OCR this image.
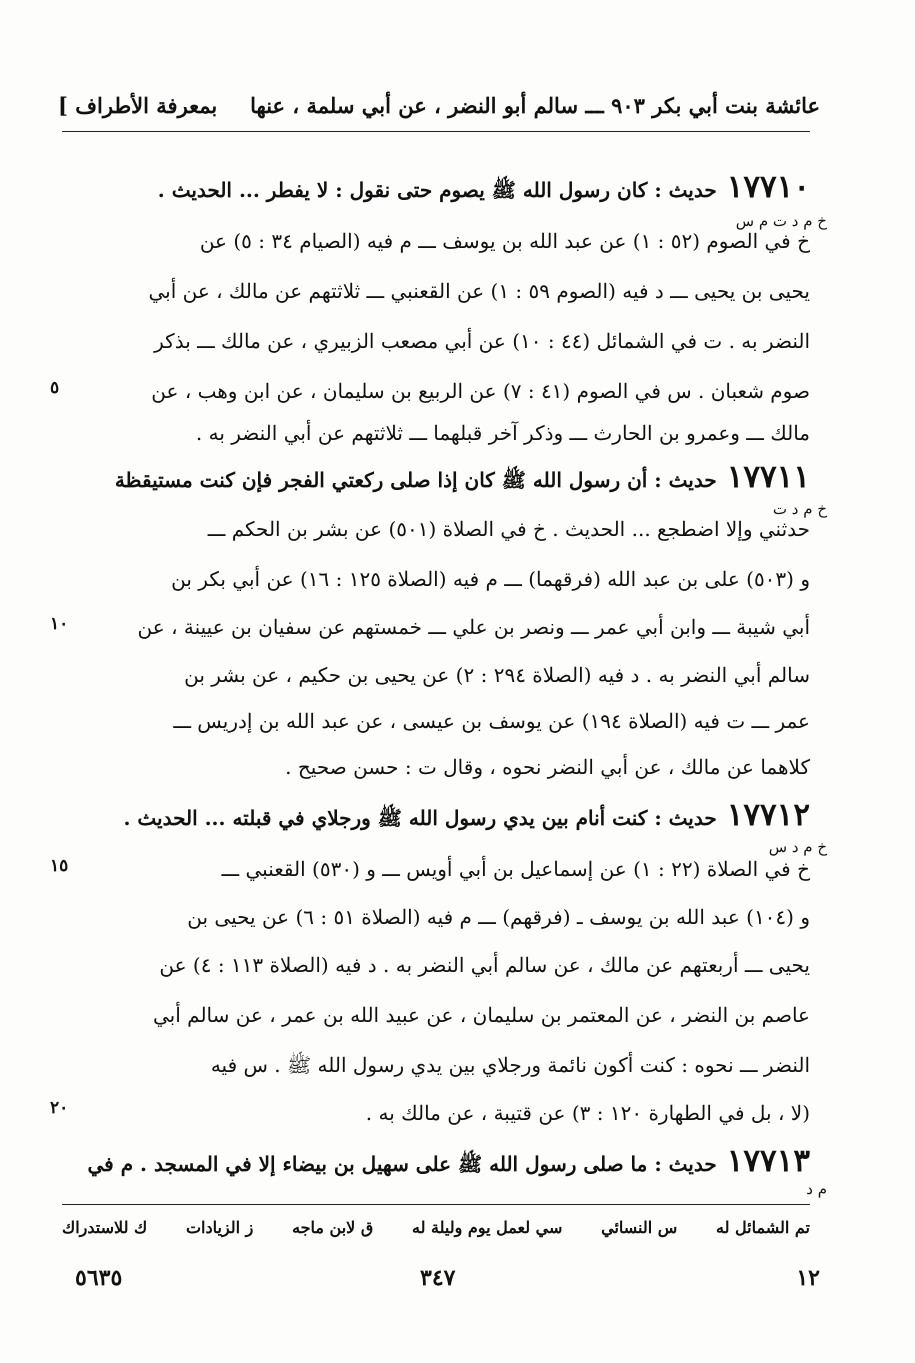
عائشة بنت أبي بكر ٩٠٣ ـــ سالم أبو النضر ، عن أبي سلمة ، عنها
بمعرفة الأطراف ]
١٧٧١٠حديث : كان رسول الله ﷺ يصوم حتى نقول : لا يفطر ... الحديث .
خ في الصوم (٥٢ : ١) عن عبد الله بن يوسف ـــ م فيه (الصيام ٣٤ : ٥) عن
يحيى بن يحيى ـــ د فيه (الصوم ٥٩ : ١) عن القعنبي ـــ ثلاثتهم عن مالك ، عن أبي
النضر به . ت في الشمائل (٤٤ : ١٠) عن أبي مصعب الزبيري ، عن مالك ـــ بذكر
صوم شعبان . س في الصوم (٤١ : ٧) عن الربيع بن سليمان ، عن ابن وهب ، عن
مالك ـــ وعمرو بن الحارث ـــ وذكر آخر قبلهما ـــ ثلاثتهم عن أبي النضر به .
١٧٧١١حديث : أن رسول الله ﷺ كان إذا صلى ركعتي الفجر فإن كنت مستيقظة
حدثني وإلا اضطجع ... الحديث . خ في الصلاة (٥٠١) عن بشر بن الحكم ـــ
و (٥٠٣) على بن عبد الله (فرقهما) ـــ م فيه (الصلاة ١٢٥ : ١٦) عن أبي بكر بن
أبي شيبة ـــ وابن أبي عمر ـــ ونصر بن علي ـــ خمستهم عن سفيان بن عيينة ، عن
سالم أبي النضر به . د فيه (الصلاة ٢٩٤ : ٢) عن يحيى بن حكيم ، عن بشر بن
عمر ـــ ت فيه (الصلاة ١٩٤) عن يوسف بن عيسى ، عن عبد الله بن إدريس ـــ
كلاهما عن مالك ، عن أبي النضر نحوه ، وقال ت : حسن صحيح .
١٧٧١٢حديث : كنت أنام بين يدي رسول الله ﷺ ورجلاي في قبلته ... الحديث .
خ في الصلاة (٢٢ : ١) عن إسماعيل بن أبي أويس ـــ و (٥٣٠) القعنبي ـــ
و (١٠٤) عبد الله بن يوسف ـ (فرقهم) ـــ م فيه (الصلاة ٥١ : ٦) عن يحيى بن
يحيى ـــ أربعتهم عن مالك ، عن سالم أبي النضر به . د فيه (الصلاة ١١٣ : ٤) عن
عاصم بن النضر ، عن المعتمر بن سليمان ، عن عبيد الله بن عمر ، عن سالم أبي
النضر ـــ نحوه : كنت أكون نائمة ورجلاي بين يدي رسول الله ﷺ . س فيه
(لا ، بل في الطهارة ١٢٠ : ٣) عن قتيبة ، عن مالك به .
١٧٧١٣حديث : ما صلى رسول الله ﷺ على سهيل بن بيضاء إلا في المسجد . م في
خ م د ت م س
خ م د ت
خ م د س
م د
٥
١٠
١٥
٢٠
تم الشمائل له
س النسائي
سي لعمل يوم وليلة له
ق لابن ماجه
ز الزيادات
ك للاستدراك
٥٦٣٥	٣٤٧	١٢
